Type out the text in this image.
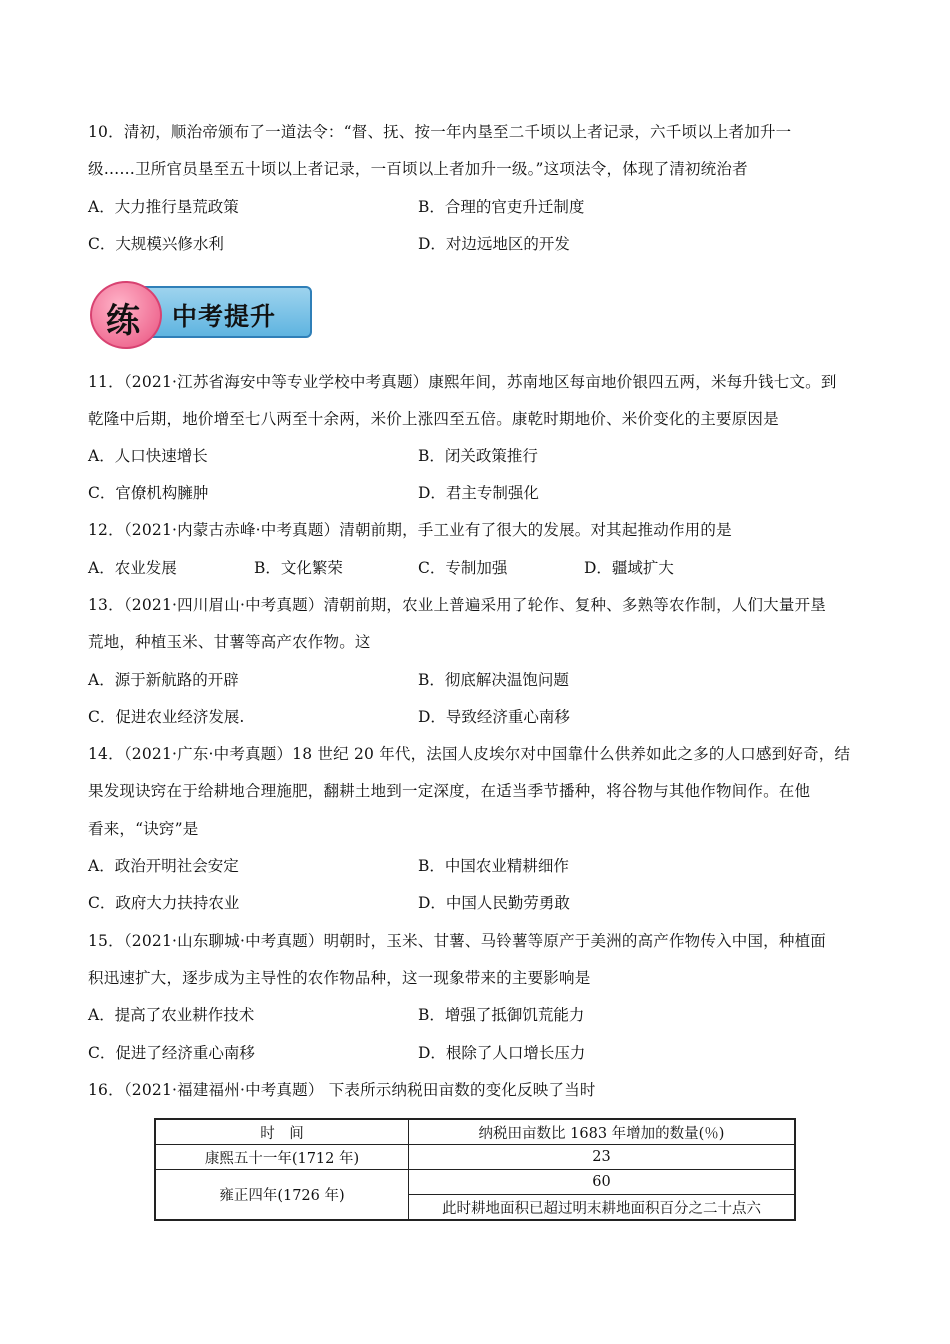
10．清初，顺治帝颁布了一道法令：“督、抚、按一年内垦至二千顷以上者记录，六千顷以上者加升一
级……卫所官员垦至五十顷以上者记录，一百顷以上者加升一级。”这项法令，体现了清初统治者
A．大力推行垦荒政策	B．合理的官吏升迁制度
C．大规模兴修水利	D．对边远地区的开发
练 中考提升
11．（2021·江苏省海安中等专业学校中考真题）康熙年间，苏南地区每亩地价银四五两，米每升钱七文。到
乾隆中后期，地价增至七八两至十余两，米价上涨四至五倍。康乾时期地价、米价变化的主要原因是
A．人口快速增长	B．闭关政策推行
C．官僚机构臃肿	D．君主专制强化
12．（2021·内蒙古赤峰·中考真题）清朝前期，手工业有了很大的发展。对其起推动作用的是
A．农业发展	B．文化繁荣	C．专制加强	D．疆域扩大
13．（2021·四川眉山·中考真题）清朝前期，农业上普遍采用了轮作、复种、多熟等农作制，人们大量开垦
荒地，种植玉米、甘薯等高产农作物。这
A．源于新航路的开辟	B．彻底解决温饱问题
C．促进农业经济发展.	D．导致经济重心南移
14．（2021·广东·中考真题）18 世纪 20 年代，法国人皮埃尔对中国靠什么供养如此之多的人口感到好奇，结
果发现诀窍在于给耕地合理施肥，翻耕土地到一定深度，在适当季节播种，将谷物与其他作物间作。在他
看来，“诀窍”是
A．政治开明社会安定	B．中国农业精耕细作
C．政府大力扶持农业	D．中国人民勤劳勇敢
15．（2021·山东聊城·中考真题）明朝时，玉米、甘薯、马铃薯等原产于美洲的高产作物传入中国，种植面
积迅速扩大，逐步成为主导性的农作物品种，这一现象带来的主要影响是
A．提高了农业耕作技术	B．增强了抵御饥荒能力
C．促进了经济重心南移	D．根除了人口增长压力
16．（2021·福建福州·中考真题） 下表所示纳税田亩数的变化反映了当时
时　间	纳税田亩数比 1683 年增加的数量(％)
康熙五十一年(1712 年)	23
雍正四年(1726 年)	60
	此时耕地面积已超过明末耕地面积百分之二十点六
